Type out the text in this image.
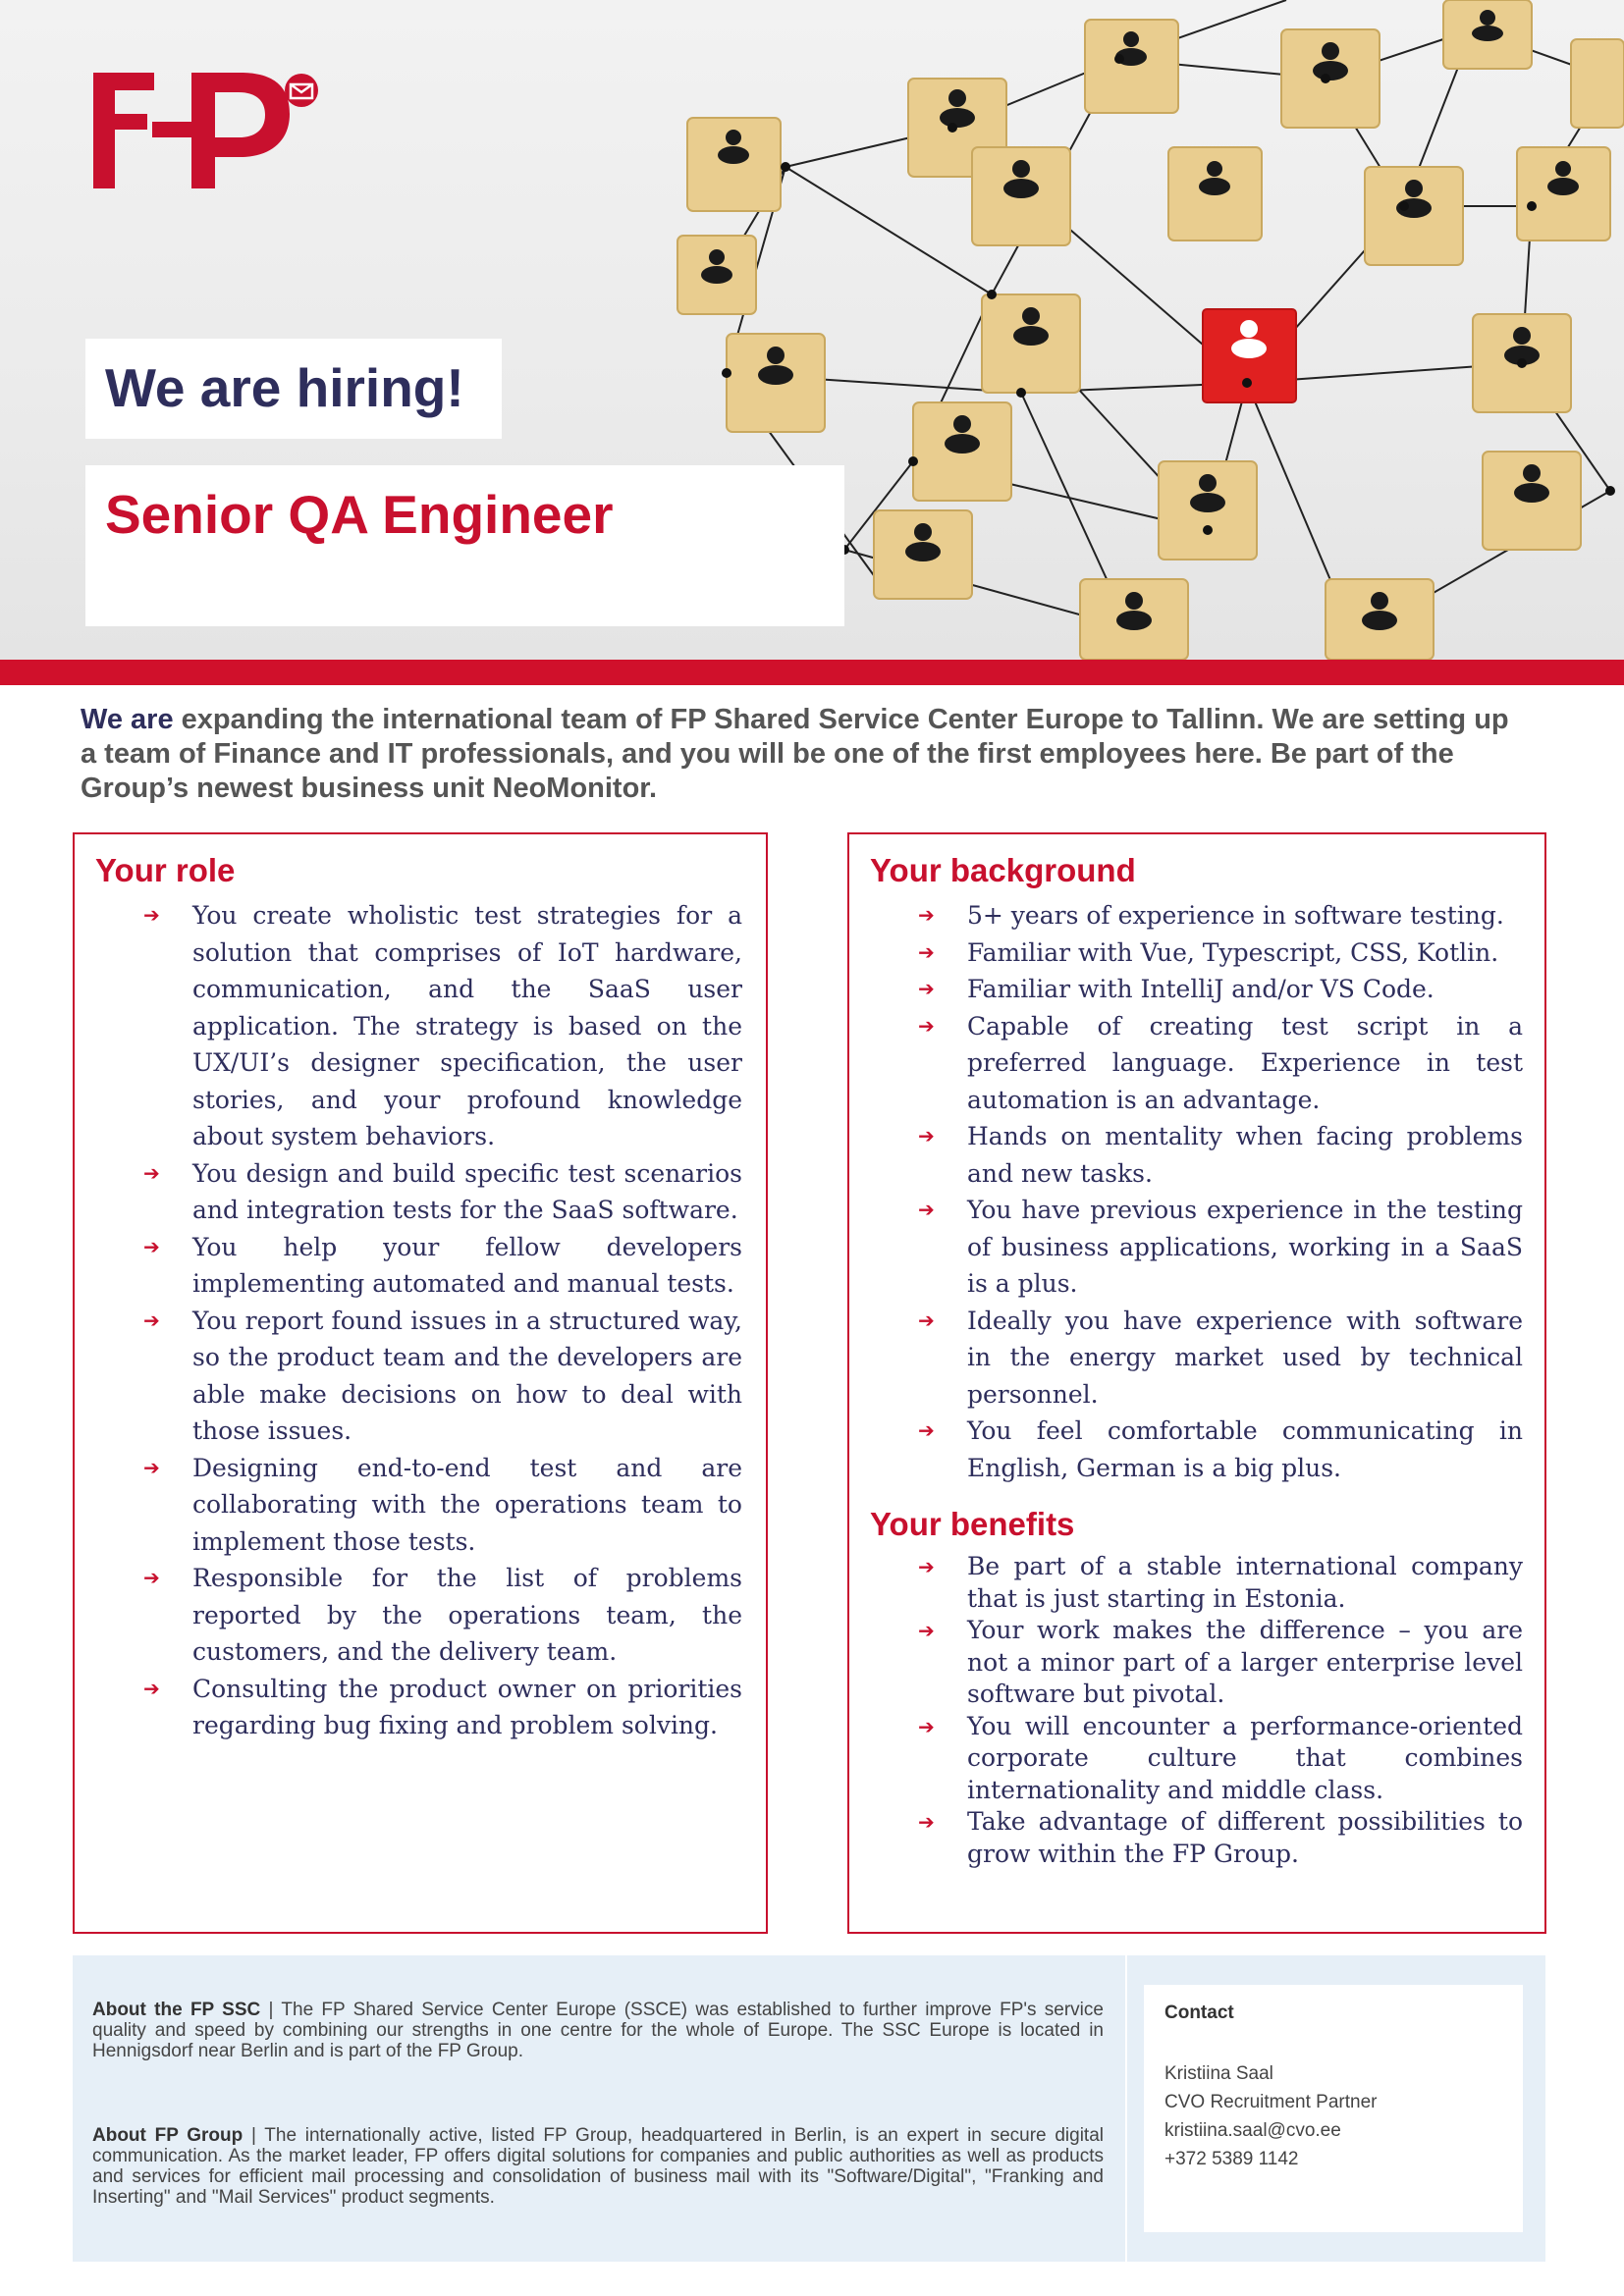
We are hiring!
Senior QA Engineer
We are expanding the international team of FP Shared Service Center Europe to Tallinn. We are setting up a team of Finance and IT professionals, and you will be one of the first employees here. Be part of the Group’s newest business unit NeoMonitor.
Your role
➔ You create wholistic test strategies for a solution that comprises of IoT hardware, communication, and the SaaS user application. The strategy is based on the UX/UI’s designer specification, the user stories, and your profound knowledge about system behaviors.
➔ You design and build specific test scenarios and integration tests for the SaaS software.
➔ You help your fellow developers implementing automated and manual tests.
➔ You report found issues in a structured way, so the product team and the developers are able make decisions on how to deal with those issues.
➔ Designing end-to-end test and are collaborating with the operations team to implement those tests.
➔ Responsible for the list of problems reported by the operations team, the customers, and the delivery team.
➔ Consulting the product owner on priorities regarding bug fixing and problem solving.
Your background
➔ 5+ years of experience in software testing.
➔ Familiar with Vue, Typescript, CSS, Kotlin.
➔ Familiar with IntelliJ and/or VS Code.
➔ Capable of creating test script in a preferred language. Experience in test automation is an advantage.
➔ Hands on mentality when facing problems and new tasks.
➔ You have previous experience in the testing of business applications, working in a SaaS is a plus.
➔ Ideally you have experience with software in the energy market used by technical personnel.
➔ You feel comfortable communicating in English, German is a big plus.
Your benefits
➔ Be part of a stable international company that is just starting in Estonia.
➔ Your work makes the difference – you are not a minor part of a larger enterprise level software but pivotal.
➔ You will encounter a performance-oriented corporate culture that combines internationality and middle class.
➔ Take advantage of different possibilities to grow within the FP Group.
About the FP SSC | The FP Shared Service Center Europe (SSCE) was established to further improve FP's service quality and speed by combining our strengths in one centre for the whole of Europe. The SSC Europe is located in Hennigsdorf near Berlin and is part of the FP Group.
About FP Group | The internationally active, listed FP Group, headquartered in Berlin, is an expert in secure digital communication. As the market leader, FP offers digital solutions for companies and public authorities as well as products and services for efficient mail processing and consolidation of business mail with its "Software/Digital", "Franking and Inserting" and "Mail Services" product segments.
Contact
Kristiina Saal
CVO Recruitment Partner
kristiina.saal@cvo.ee
+372 5389 1142
